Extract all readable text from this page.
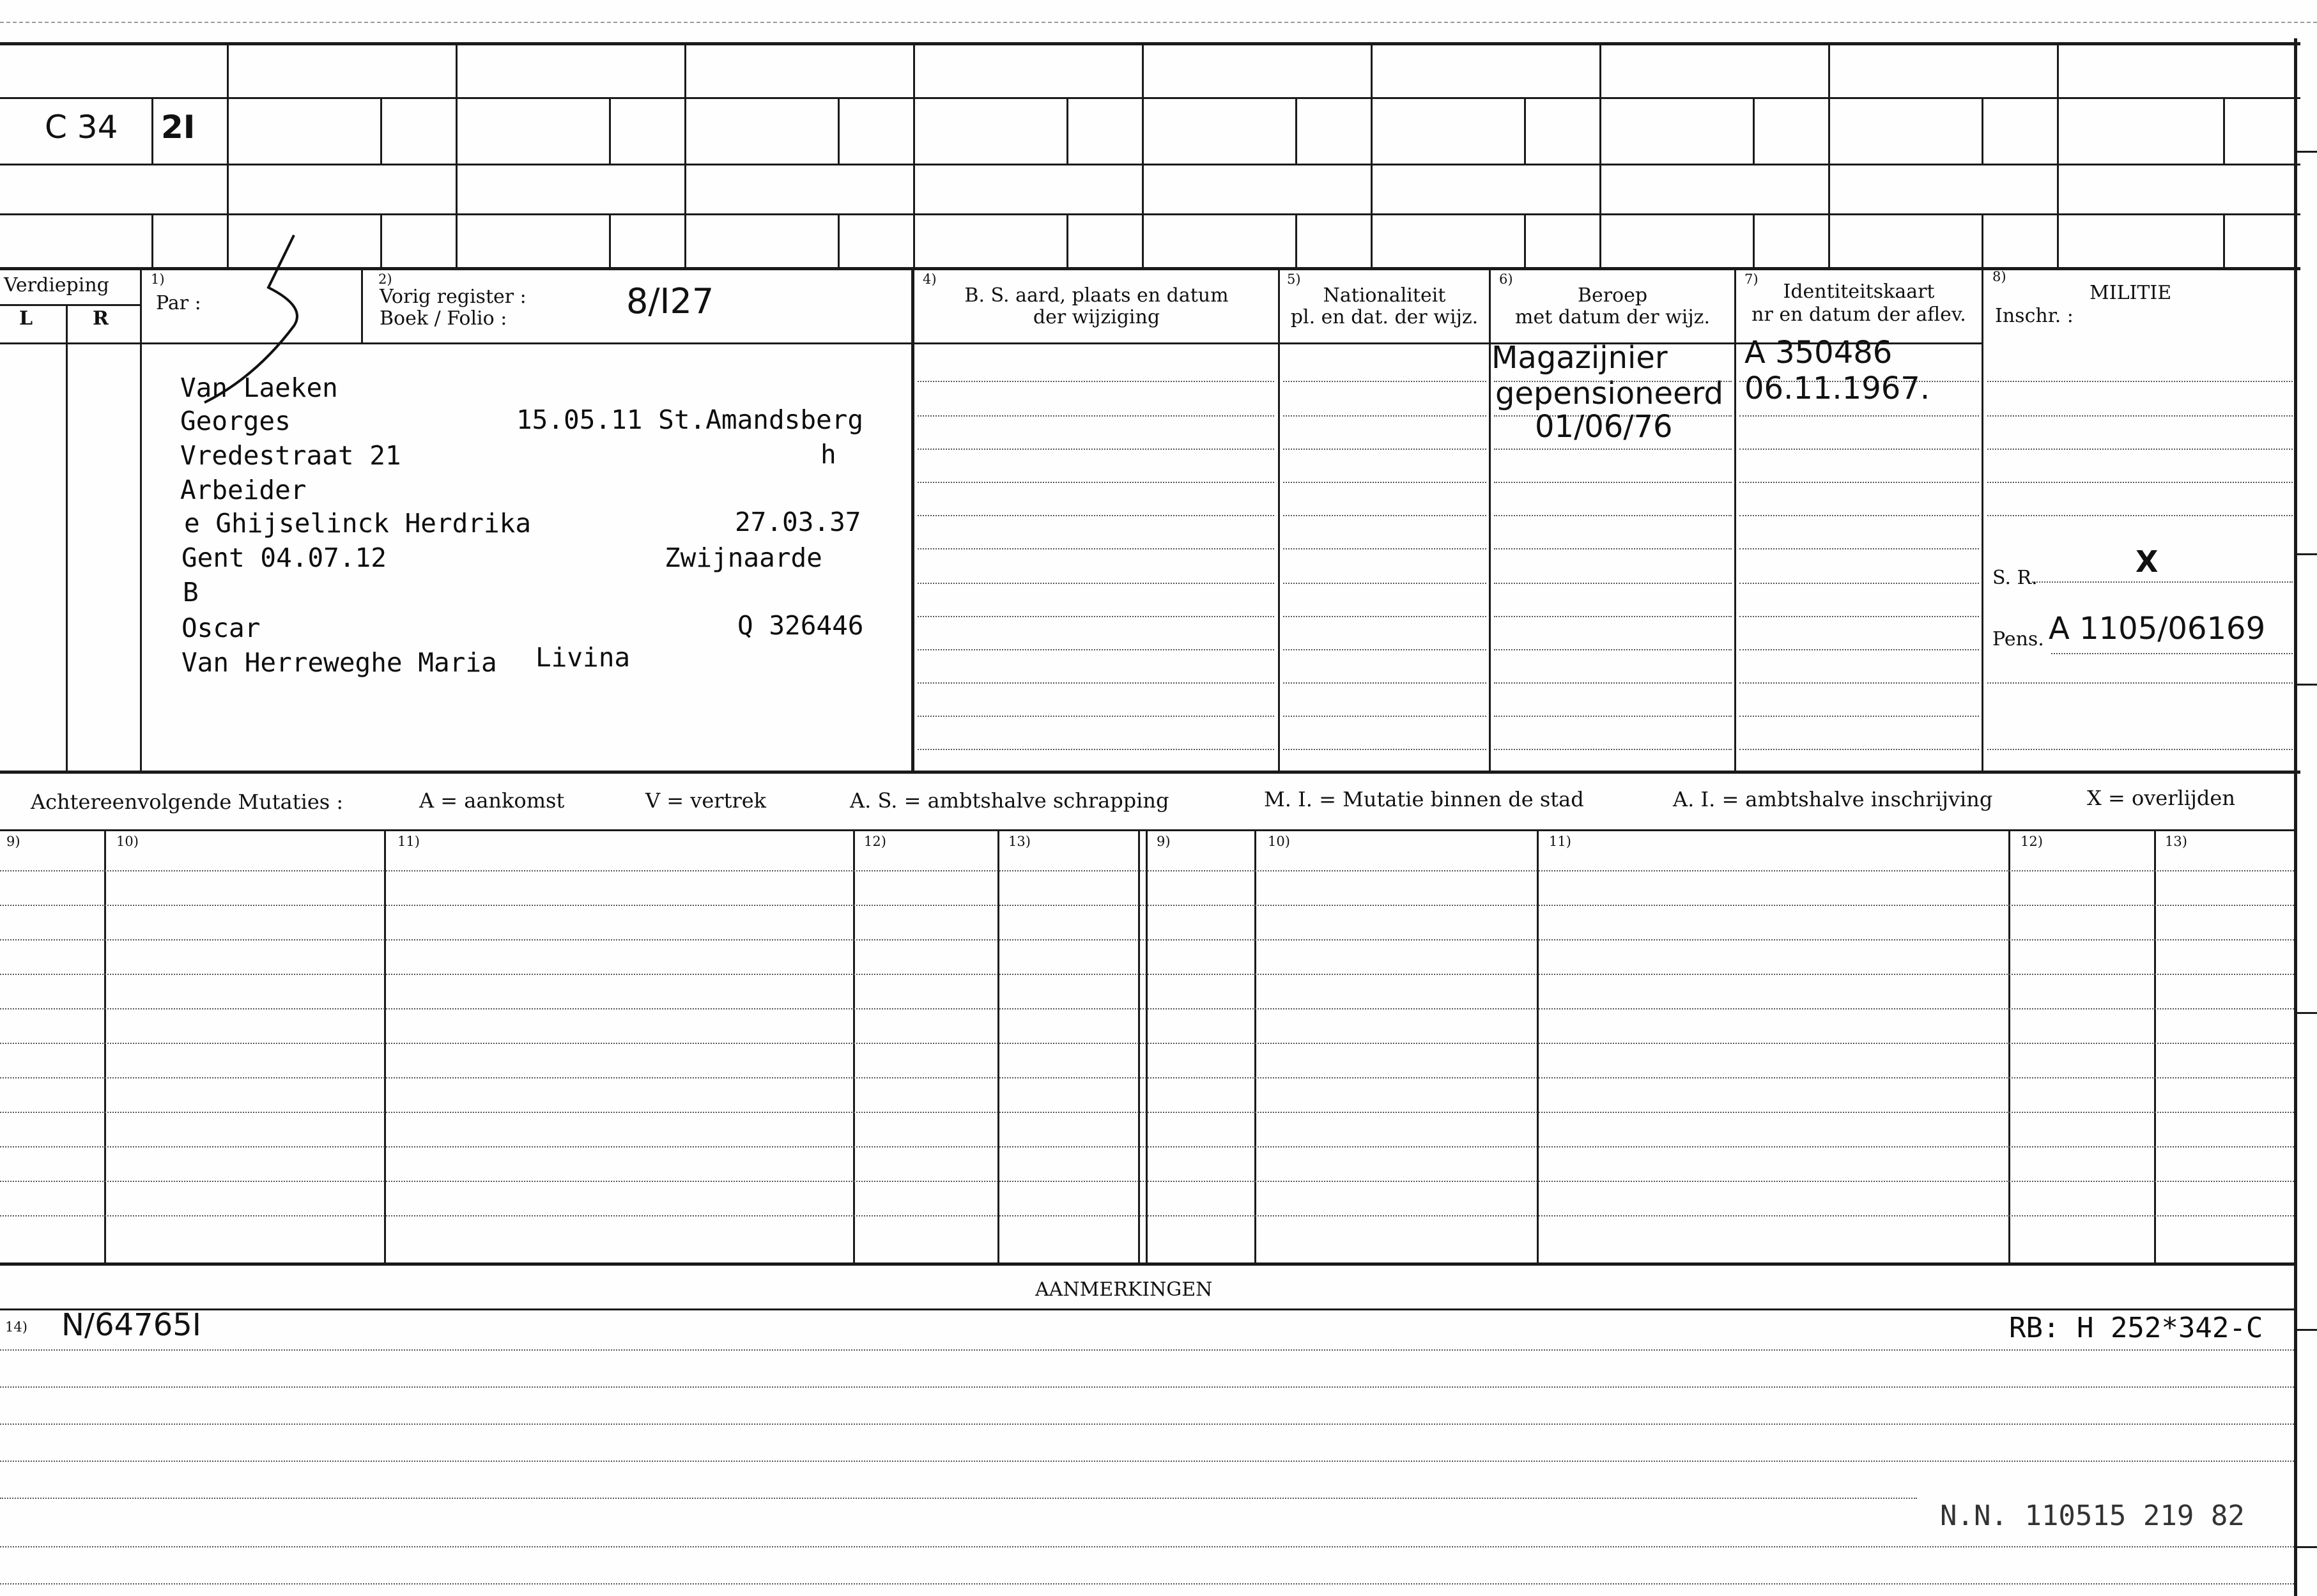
C 34 2I
Verdieping
L	R
1)
Par :
2)
Vorig register :
Boek / Folio :	8/I27
4)
B. S. aard, plaats en datum
der wijziging
5)
Nationaliteit
pl. en dat. der wijz.
6)
Beroep
met datum der wijz.
7)
Identiteitskaart
nr en datum der aflev.
8)
MILITIE
Inschr. :
Van Laeken
Georges	15.05.11 St.Amandsberg
Vredestraat 21	h
Arbeider
e Ghijselinck Herdrika	27.03.37
Gent 04.07.12	Zwijnaarde
B
Oscar	Q 326446
Van Herreweghe Maria Livina
Magazijnier
gepensioneerd
01/06/76
A 350486
06.11.1967.
S. R.	X
Pens. A 1105/06169
Achtereenvolgende Mutaties :	A = aankomst	V = vertrek	A. S. = ambtshalve schrapping	M. I. = Mutatie binnen de stad	A. I. = ambtshalve inschrijving	X = overlijden
9)	10)	11)	12)	13)	9)	10)	11)	12)	13)
AANMERKINGEN
14) N/64765I	RB: H 252*342-C
N.N. 110515 219 82
